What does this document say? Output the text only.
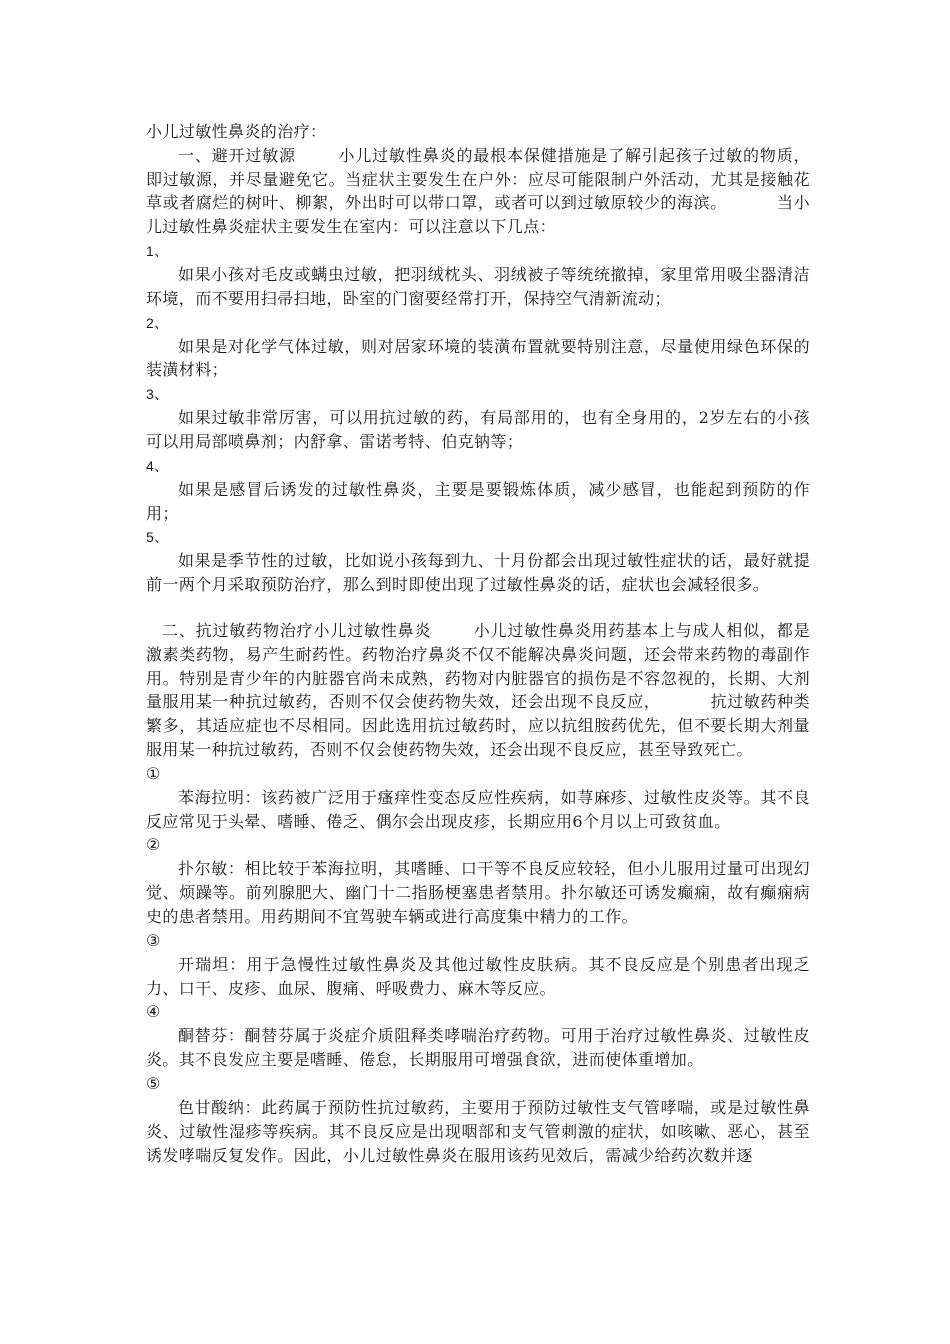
小儿过敏性鼻炎的治疗：

一、避开过敏源	小儿过敏性鼻炎的最根本保健措施是了解引起孩子过敏的物质，即过敏源，并尽量避免它。当症状主要发生在户外：应尽可能限制户外活动，尤其是接触花草或者腐烂的树叶、柳絮，外出时可以带口罩，或者可以到过敏原较少的海滨。	当小儿过敏性鼻炎症状主要发生在室内：可以注意以下几点：

1、

如果小孩对毛皮或螨虫过敏，把羽绒枕头、羽绒被子等统统撤掉，家里常用吸尘器清洁环境，而不要用扫帚扫地，卧室的门窗要经常打开，保持空气清新流动；

2、

如果是对化学气体过敏，则对居家环境的装潢布置就要特别注意，尽量使用绿色环保的装潢材料；

3、

如果过敏非常厉害，可以用抗过敏的药，有局部用的，也有全身用的，2岁左右的小孩可以用局部喷鼻剂；内舒拿、雷诺考特、伯克钠等；

4、

如果是感冒后诱发的过敏性鼻炎，主要是要锻炼体质，减少感冒，也能起到预防的作用；

5、

如果是季节性的过敏，比如说小孩每到九、十月份都会出现过敏性症状的话，最好就提前一两个月采取预防治疗，那么到时即使出现了过敏性鼻炎的话，症状也会减轻很多。

二、抗过敏药物治疗小儿过敏性鼻炎	小儿过敏性鼻炎用药基本上与成人相似，都是激素类药物，易产生耐药性。药物治疗鼻炎不仅不能解决鼻炎问题，还会带来药物的毒副作用。特别是青少年的内脏器官尚未成熟，药物对内脏器官的损伤是不容忽视的，长期、大剂量服用某一种抗过敏药，否则不仅会使药物失效，还会出现不良反应，	抗过敏药种类繁多，其适应症也不尽相同。因此选用抗过敏药时，应以抗组胺药优先，但不要长期大剂量服用某一种抗过敏药，否则不仅会使药物失效，还会出现不良反应，甚至导致死亡。

①

苯海拉明：该药被广泛用于瘙痒性变态反应性疾病，如荨麻疹、过敏性皮炎等。其不良反应常见于头晕、嗜睡、倦乏、偶尔会出现皮疹，长期应用6个月以上可致贫血。

②

扑尔敏：相比较于苯海拉明，其嗜睡、口干等不良反应较轻，但小儿服用过量可出现幻觉、烦躁等。前列腺肥大、幽门十二指肠梗塞患者禁用。扑尔敏还可诱发癫痫，故有癫痫病史的患者禁用。用药期间不宜驾驶车辆或进行高度集中精力的工作。

③

开瑞坦：用于急慢性过敏性鼻炎及其他过敏性皮肤病。其不良反应是个别患者出现乏力、口干、皮疹、血尿、腹痛、呼吸费力、麻木等反应。

④

酮替芬：酮替芬属于炎症介质阻释类哮喘治疗药物。可用于治疗过敏性鼻炎、过敏性皮炎。其不良发应主要是嗜睡、倦怠，长期服用可增强食欲，进而使体重增加。

⑤

色甘酸纳：此药属于预防性抗过敏药，主要用于预防过敏性支气管哮喘，或是过敏性鼻炎、过敏性湿疹等疾病。其不良反应是出现咽部和支气管刺激的症状，如咳嗽、恶心，甚至诱发哮喘反复发作。因此，小儿过敏性鼻炎在服用该药见效后，需减少给药次数并逐
